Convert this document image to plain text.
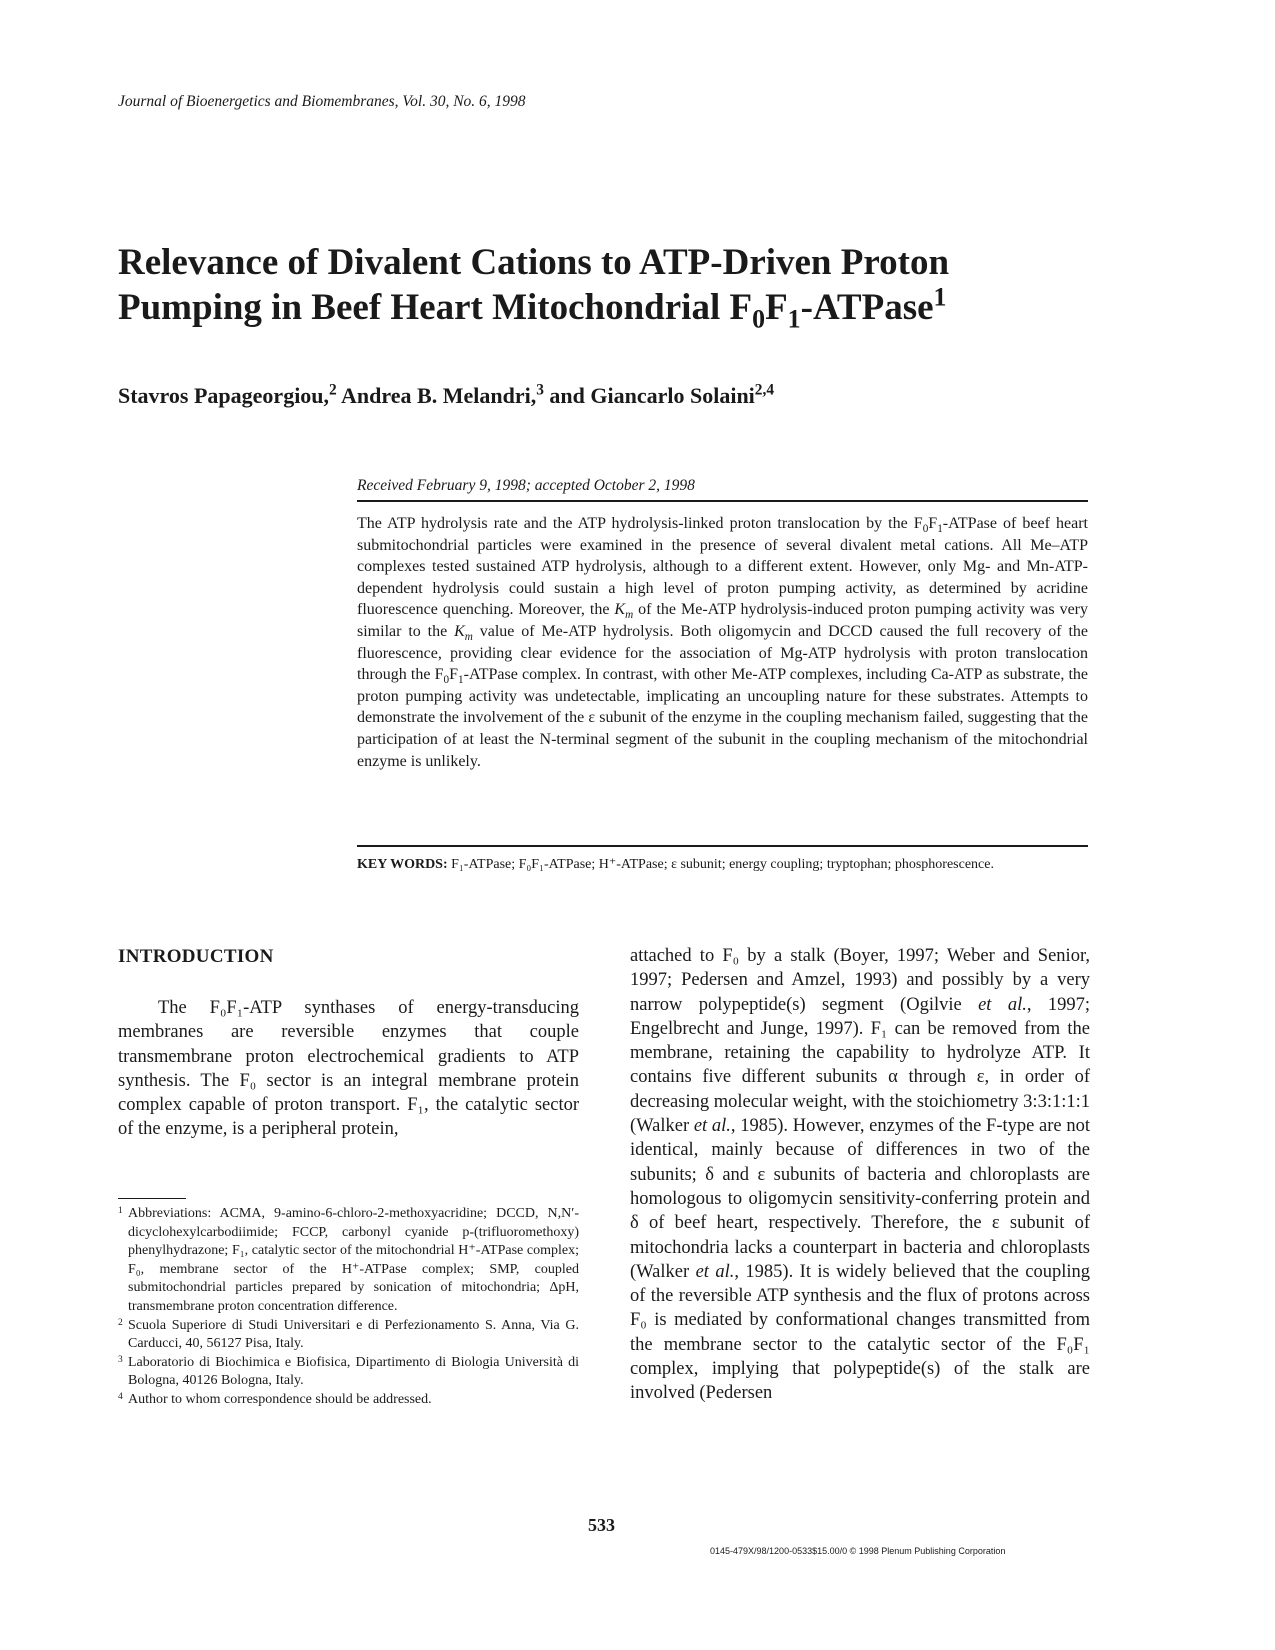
Journal of Bioenergetics and Biomembranes, Vol. 30, No. 6, 1998
Relevance of Divalent Cations to ATP-Driven Proton
Pumping in Beef Heart Mitochondrial $F_0F_1-ATPase^1$
Stavros Papageorgiou,$^2$ Andrea B. Melandri,$^3$ and Giancarlo Solaini$^{2,4}$
Received February 9, 1998; accepted October 2, 1998
The ATP hydrolysis rate and the ATP hydrolysis-linked proton translocation by the $F_0F_1$-ATPase of beef heart submitochondrial particles were examined in the presence of several divalent metal cations. All Me–ATP complexes tested sustained ATP hydrolysis, although to a different extent. However, only Mg- and Mn-ATP-dependent hydrolysis could sustain a high level of proton pumping activity, as determined by acridine fluorescence quenching. Moreover, the $K_m$ of the Me-ATP hydrolysis-induced proton pumping activity was very similar to the $K_m$ value of Me-ATP hydrolysis. Both oligomycin and DCCD caused the full recovery of the fluorescence, providing clear evidence for the association of Mg-ATP hydrolysis with proton translocation through the $F_0F_1$-ATPase complex. In contrast, with other Me-ATP complexes, including Ca-ATP as substrate, the proton pumping activity was undetectable, implicating an uncoupling nature for these substrates. Attempts to demonstrate the involvement of the ε subunit of the enzyme in the coupling mechanism failed, suggesting that the participation of at least the N-terminal segment of the subunit in the coupling mechanism of the mitochondrial enzyme is unlikely.
KEY WORDS: F₁-ATPase; F₀F₁-ATPase; H⁺-ATPase; ε subunit; energy coupling; tryptophan; phosphorescence.
INTRODUCTION

The F₀F₁-ATP synthases of energy-transducing membranes are reversible enzymes that couple transmembrane proton electrochemical gradients to ATP synthesis. The F₀ sector is an integral membrane protein complex capable of proton transport. F₁, the catalytic sector of the enzyme, is a peripheral protein,

attached to F₀ by a stalk (Boyer, 1997; Weber and Senior, 1997; Pedersen and Amzel, 1993) and possibly by a very narrow polypeptide(s) segment (Ogilvie et al., 1997; Engelbrecht and Junge, 1997). F₁ can be removed from the membrane, retaining the capability to hydrolyze ATP. It contains five different subunits α through ε, in order of decreasing molecular weight, with the stoichiometry 3:3:1:1:1 (Walker et al., 1985). However, enzymes of the F-type are not identical, mainly because of differences in two of the subunits; δ and ε subunits of bacteria and chloroplasts are homologous to oligomycin sensitivity-conferring protein and δ of beef heart, respectively. Therefore, the ε subunit of mitochondria lacks a counterpart in bacteria and chloroplasts (Walker et al., 1985). It is widely believed that the coupling of the reversible ATP synthesis and the flux of protons across F₀ is mediated by conformational changes transmitted from the membrane sector to the catalytic sector of the F₀F₁ complex, implying that polypeptide(s) of the stalk are involved (Pedersen
1 Abbreviations: ACMA, 9-amino-6-chloro-2-methoxyacridine; DCCD, N,N′-dicyclohexylcarbodiimide; FCCP, carbonyl cyanide p-(trifluoromethoxy) phenylhydrazone; F₁, catalytic sector of the mitochondrial H⁺-ATPase complex; F₀, membrane sector of the H⁺-ATPase complex; SMP, coupled submitochondrial particles prepared by sonication of mitochondria; ΔpH, transmembrane proton concentration difference.
2 Scuola Superiore di Studi Universitari e di Perfezionamento S. Anna, Via G. Carducci, 40, 56127 Pisa, Italy.
3 Laboratorio di Biochimica e Biofisica, Dipartimento di Biologia Università di Bologna, 40126 Bologna, Italy.
4 Author to whom correspondence should be addressed.
533
0145-479X/98/1200-0533$15.00/0 © 1998 Plenum Publishing Corporation
